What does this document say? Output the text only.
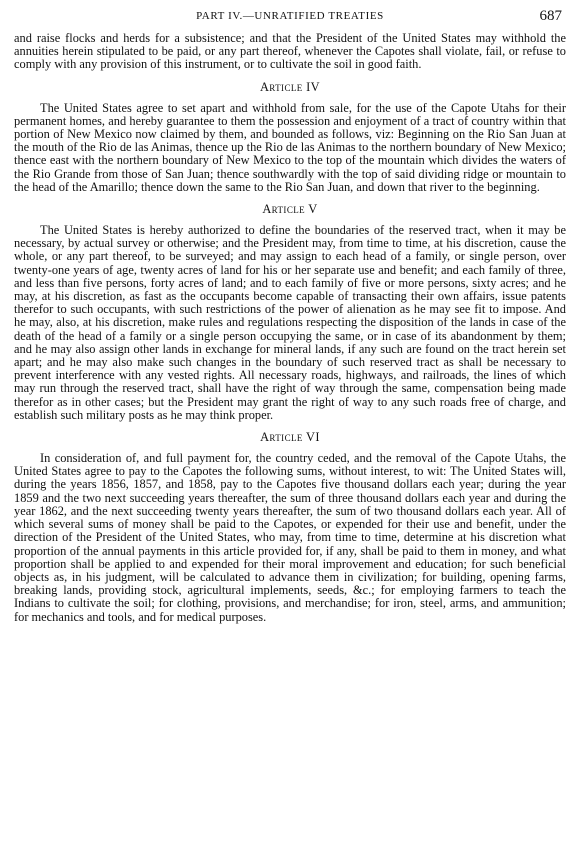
PART IV.—UNRATIFIED TREATIES	687

and raise flocks and herds for a subsistence; and that the President of the United States may withhold the annuities herein stipulated to be paid, or any part thereof, whenever the Capotes shall violate, fail, or refuse to comply with any provision of this instrument, or to cultivate the soil in good faith.

Article IV

The United States agree to set apart and withhold from sale, for the use of the Capote Utahs for their permanent homes, and hereby guarantee to them the possession and enjoyment of a tract of country within that portion of New Mexico now claimed by them, and bounded as follows, viz: Beginning on the Rio San Juan at the mouth of the Rio de las Animas, thence up the Rio de las Animas to the northern boundary of New Mexico; thence east with the northern boundary of New Mexico to the top of the mountain which divides the waters of the Rio Grande from those of San Juan; thence southwardly with the top of said dividing ridge or mountain to the head of the Amarillo; thence down the same to the Rio San Juan, and down that river to the beginning.

Article V

The United States is hereby authorized to define the boundaries of the reserved tract, when it may be necessary, by actual survey or otherwise; and the President may, from time to time, at his discretion, cause the whole, or any part thereof, to be surveyed; and may assign to each head of a family, or single person, over twenty-one years of age, twenty acres of land for his or her separate use and benefit; and each family of three, and less than five persons, forty acres of land; and to each family of five or more persons, sixty acres; and he may, at his discretion, as fast as the occupants become capable of transacting their own affairs, issue patents therefor to such occupants, with such restrictions of the power of alienation as he may see fit to impose. And he may, also, at his discretion, make rules and regulations respecting the disposition of the lands in case of the death of the head of a family or a single person occupying the same, or in case of its abandonment by them; and he may also assign other lands in exchange for mineral lands, if any such are found on the tract herein set apart; and he may also make such changes in the boundary of such reserved tract as shall be necessary to prevent interference with any vested rights. All necessary roads, highways, and railroads, the lines of which may run through the reserved tract, shall have the right of way through the same, compensation being made therefor as in other cases; but the President may grant the right of way to any such roads free of charge, and establish such military posts as he may think proper.

Article VI

In consideration of, and full payment for, the country ceded, and the removal of the Capote Utahs, the United States agree to pay to the Capotes the following sums, without interest, to wit: The United States will, during the years 1856, 1857, and 1858, pay to the Capotes five thousand dollars each year; during the year 1859 and the two next succeeding years thereafter, the sum of three thousand dollars each year and during the year 1862, and the next succeeding twenty years thereafter, the sum of two thousand dollars each year. All of which several sums of money shall be paid to the Capotes, or expended for their use and benefit, under the direction of the President of the United States, who may, from time to time, determine at his discretion what proportion of the annual payments in this article provided for, if any, shall be paid to them in money, and what proportion shall be applied to and expended for their moral improvement and education; for such beneficial objects as, in his judgment, will be calculated to advance them in civilization; for building, opening farms, breaking lands, providing stock, agricultural implements, seeds, &c.; for employing farmers to teach the Indians to cultivate the soil; for clothing, provisions, and merchandise; for iron, steel, arms, and ammunition; for mechanics and tools, and for medical purposes.
